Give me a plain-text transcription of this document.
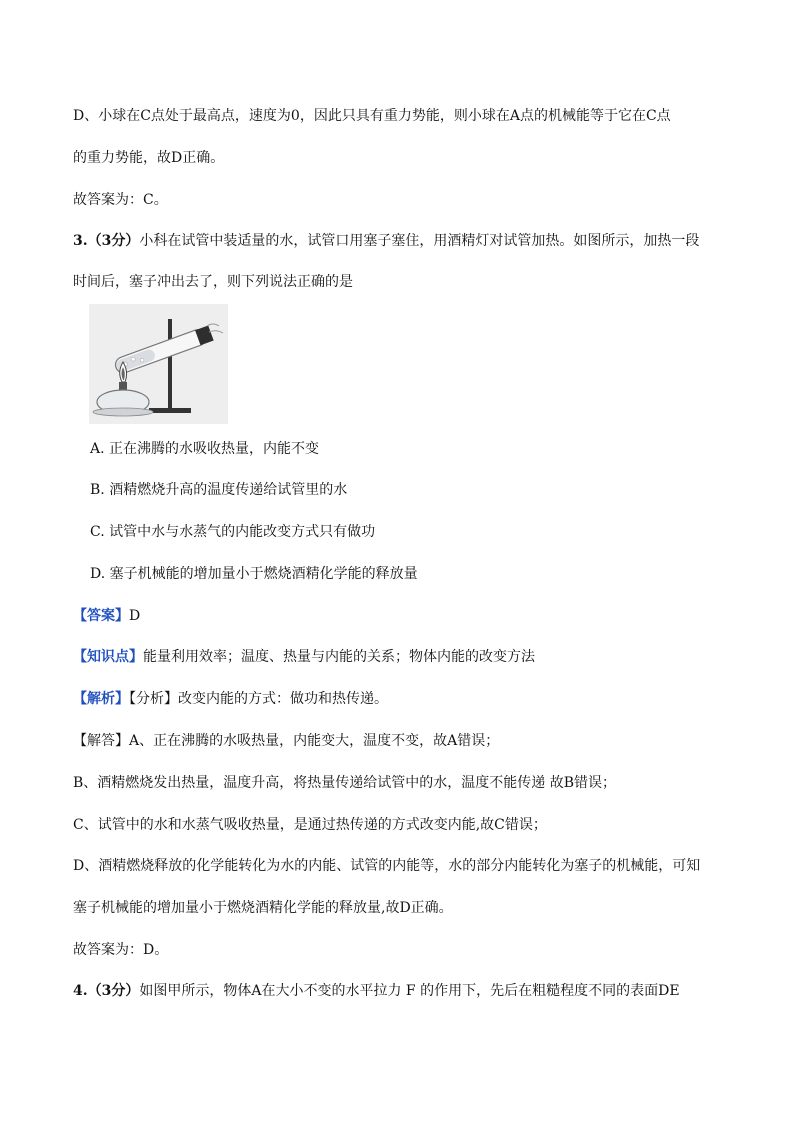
D、小球在C点处于最高点，速度为0，因此只具有重力势能，则小球在A点的机械能等于它在C点
的重力势能，故D正确。
故答案为：C。
3.（3分）小科在试管中装适量的水，试管口用塞子塞住，用酒精灯对试管加热。如图所示，加热一段
时间后，塞子冲出去了，则下列说法正确的是
A. 正在沸腾的水吸收热量，内能不变
B. 酒精燃烧升高的温度传递给试管里的水
C. 试管中水与水蒸气的内能改变方式只有做功
D. 塞子机械能的增加量小于燃烧酒精化学能的释放量
【答案】D
【知识点】能量利用效率；温度、热量与内能的关系；物体内能的改变方法
【解析】【分析】改变内能的方式：做功和热传递。
【解答】A、正在沸腾的水吸热量，内能变大，温度不变，故A错误；
B、酒精燃烧发出热量，温度升高，将热量传递给试管中的水，温度不能传递 故B错误；
C、试管中的水和水蒸气吸收热量，是通过热传递的方式改变内能,故C错误；
D、酒精燃烧释放的化学能转化为水的内能、试管的内能等，水的部分内能转化为塞子的机械能，可知
塞子机械能的增加量小于燃烧酒精化学能的释放量,故D正确。
故答案为：D。
4.（3分）如图甲所示，物体A在大小不变的水平拉力 F 的作用下，先后在粗糙程度不同的表面DE
